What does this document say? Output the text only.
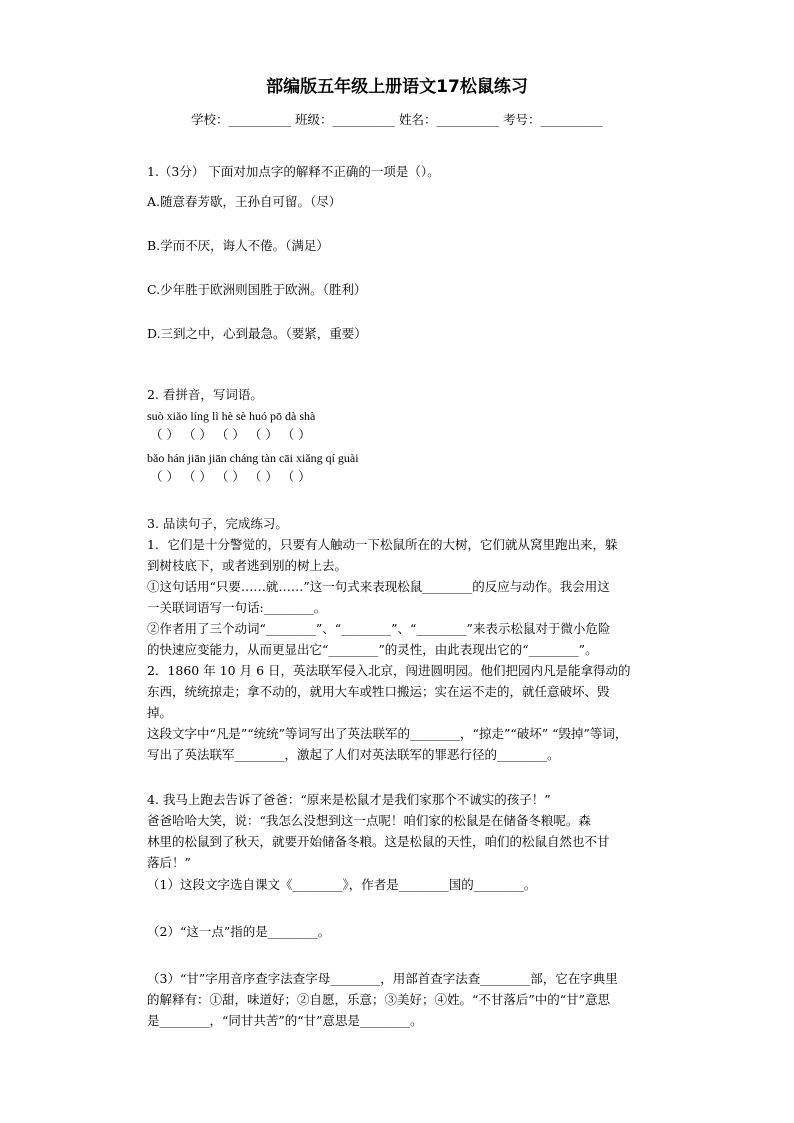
部编版五年级上册语文17松鼠练习
学校：__________ 班级：__________ 姓名：__________ 考号：__________
1.（3分） 下面对加点字的解释不正确的一项是（）。
A.随意春芳歇，王孙自可留。（尽）
B.学而不厌，诲人不倦。（满足）
C.少年胜于欧洲则国胜于欧洲。（胜利）
D.三到之中，心到最急。（要紧，重要）
2. 看拼音，写词语。
suò xiǎo líng lì hè sè huó pō dà shà
（ ） （ ） （ ） （ ） （ ）
bǎo hán jiān jiān cháng tàn cāi xiǎng qí guài
（ ） （ ） （ ） （ ） （ ）
3. 品读句子，完成练习。
1．它们是十分警觉的，只要有人触动一下松鼠所在的大树，它们就从窝里跑出来，躲
到树枝底下，或者逃到别的树上去。
①这句话用“只要……就……”这一句式来表现松鼠________的反应与动作。我会用这
一关联词语写一句话:________。
②作者用了三个动词“________”、“________”、“________”来表示松鼠对于微小危险
的快速应变能力，从而更显出它“________”的灵性，由此表现出它的“________”。
2．1860 年 10 月 6 日，英法联军侵入北京，闯进圆明园。他们把园内凡是能拿得动的
东西，统统掠走；拿不动的，就用大车或牲口搬运；实在运不走的，就任意破坏、毁
掉。
这段文字中“凡是”“统统”等词写出了英法联军的________，“掠走”“破坏” “毁掉”等词，
写出了英法联军________，激起了人们对英法联军的罪恶行径的________。
4. 我马上跑去告诉了爸爸：“原来是松鼠才是我们家那个不诚实的孩子！”
爸爸哈哈大笑，说：“我怎么没想到这一点呢！咱们家的松鼠是在储备冬粮呢。森
林里的松鼠到了秋天，就要开始储备冬粮。这是松鼠的天性，咱们的松鼠自然也不甘
落后！”
（1）这段文字选自课文《________》，作者是________国的________。
（2）“这一点”指的是________。
（3）“甘”字用音序查字法查字母________，用部首查字法查________部，它在字典里
的解释有：①甜，味道好；②自愿，乐意；③美好；④姓。“不甘落后”中的“甘”意思
是________，“同甘共苦”的“甘”意思是________。
